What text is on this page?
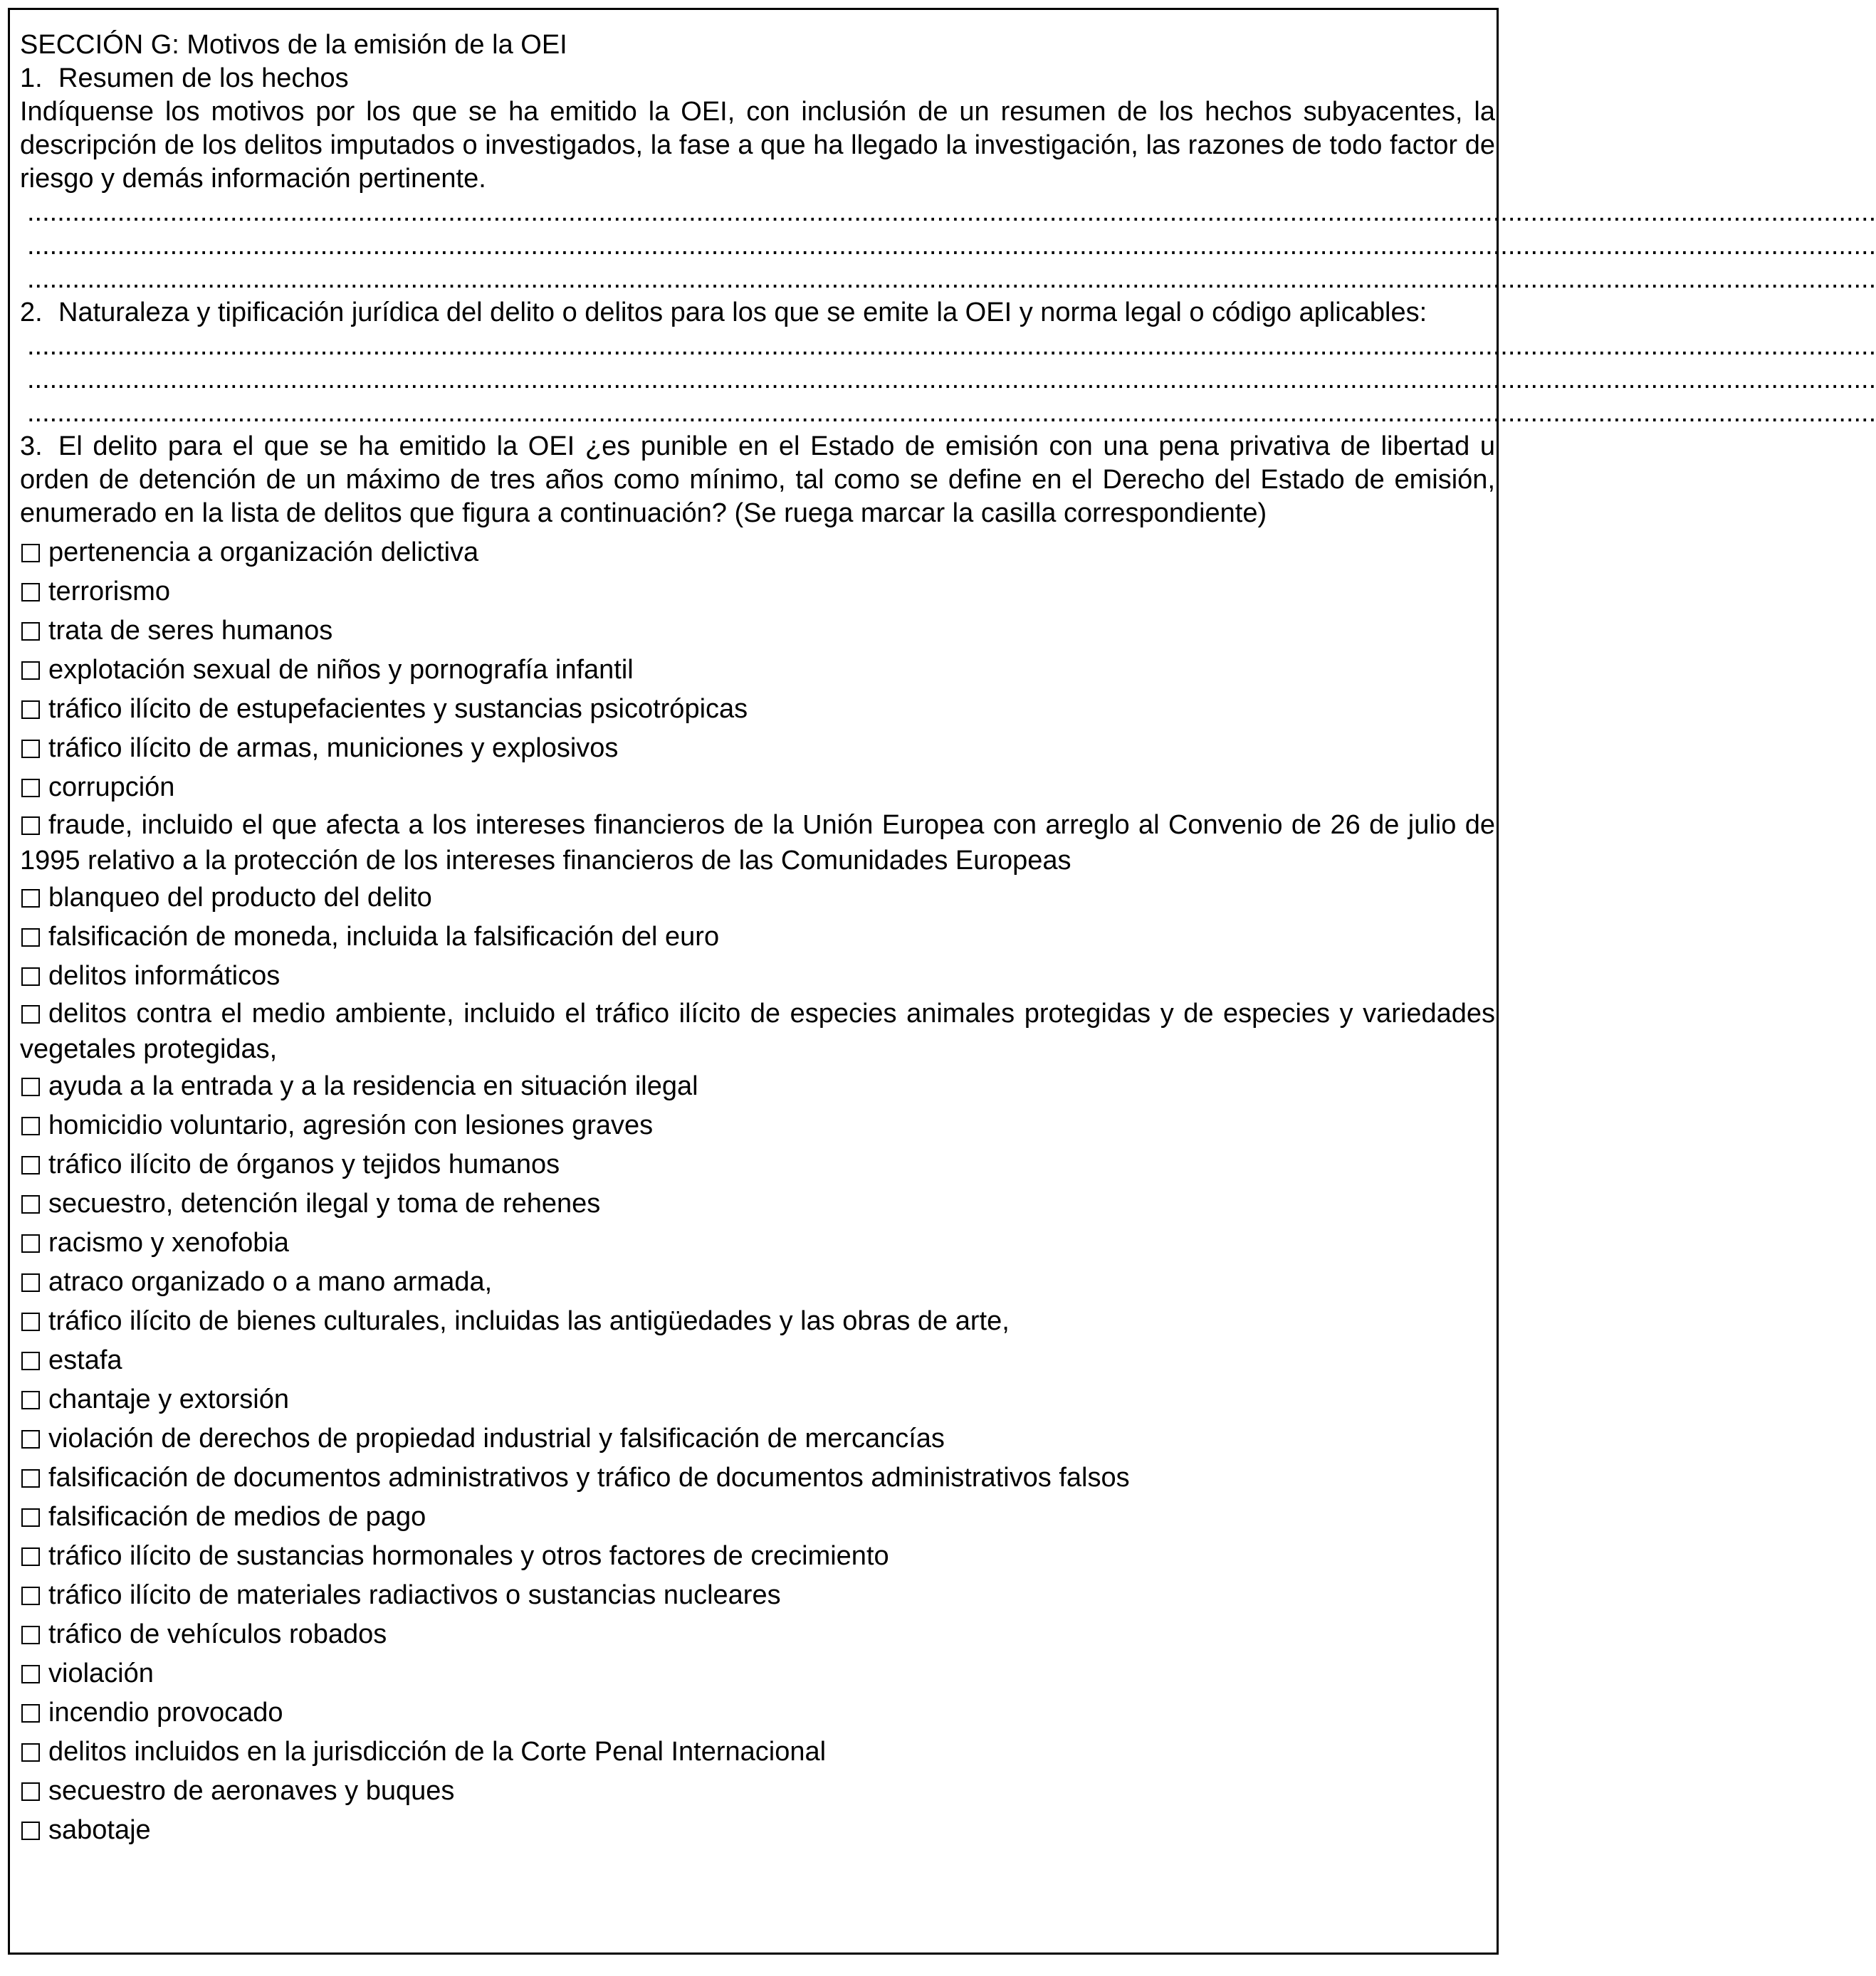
SECCIÓN G: Motivos de la emisión de la OEI
1. Resumen de los hechos
Indíquense los motivos por los que se ha emitido la OEI, con inclusión de un resumen de los hechos subyacentes, la descripción de los delitos imputados o investigados, la fase a que ha llegado la investigación, las razones de todo factor de riesgo y demás información pertinente.
......................................................................................................................................................................................................................................................
......................................................................................................................................................................................................................................................
......................................................................................................................................................................................................................................................
2. Naturaleza y tipificación jurídica del delito o delitos para los que se emite la OEI y norma legal o código aplicables:
......................................................................................................................................................................................................................................................
......................................................................................................................................................................................................................................................
......................................................................................................................................................................................................................................................
3. El delito para el que se ha emitido la OEI ¿es punible en el Estado de emisión con una pena privativa de libertad u orden de detención de un máximo de tres años como mínimo, tal como se define en el Derecho del Estado de emisión, enumerado en la lista de delitos que figura a continuación? (Se ruega marcar la casilla correspondiente)
pertenencia a organización delictiva
terrorismo
trata de seres humanos
explotación sexual de niños y pornografía infantil
tráfico ilícito de estupefacientes y sustancias psicotrópicas
tráfico ilícito de armas, municiones y explosivos
corrupción
fraude, incluido el que afecta a los intereses financieros de la Unión Europea con arreglo al Convenio de 26 de julio de 1995 relativo a la protección de los intereses financieros de las Comunidades Europeas
blanqueo del producto del delito
falsificación de moneda, incluida la falsificación del euro
delitos informáticos
delitos contra el medio ambiente, incluido el tráfico ilícito de especies animales protegidas y de especies y variedades vegetales protegidas,
ayuda a la entrada y a la residencia en situación ilegal
homicidio voluntario, agresión con lesiones graves
tráfico ilícito de órganos y tejidos humanos
secuestro, detención ilegal y toma de rehenes
racismo y xenofobia
atraco organizado o a mano armada,
tráfico ilícito de bienes culturales, incluidas las antigüedades y las obras de arte,
estafa
chantaje y extorsión
violación de derechos de propiedad industrial y falsificación de mercancías
falsificación de documentos administrativos y tráfico de documentos administrativos falsos
falsificación de medios de pago
tráfico ilícito de sustancias hormonales y otros factores de crecimiento
tráfico ilícito de materiales radiactivos o sustancias nucleares
tráfico de vehículos robados
violación
incendio provocado
delitos incluidos en la jurisdicción de la Corte Penal Internacional
secuestro de aeronaves y buques
sabotaje
